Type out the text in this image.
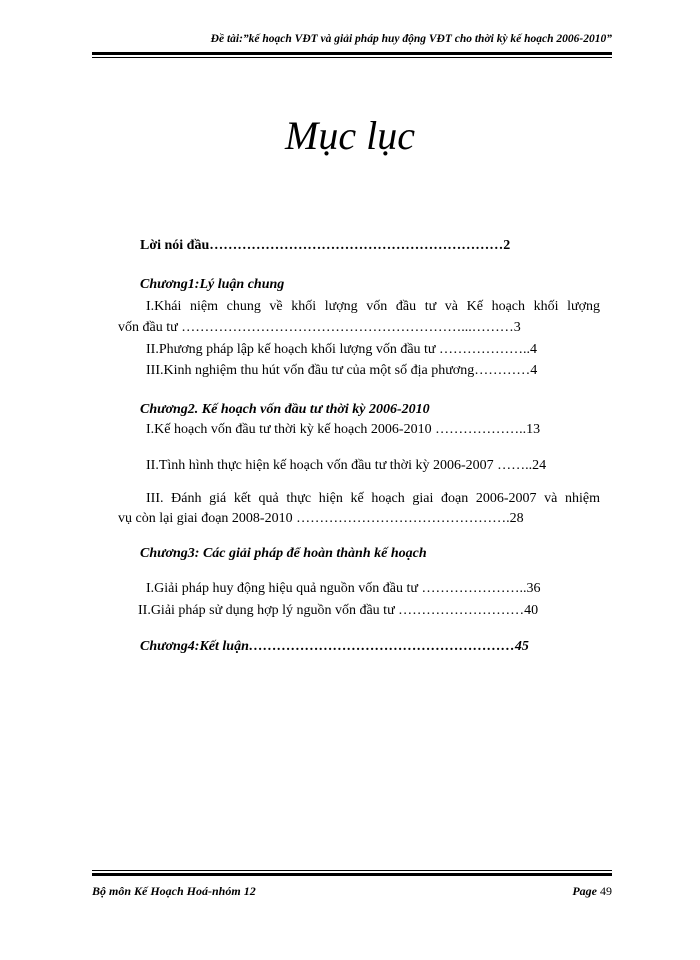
Đề tài:”kế hoạch VĐT và giải pháp huy động VĐT cho thời kỳ kế hoạch 2006-2010”
Mục lục
Lời nói đầu………………………………………………………2
Chương1:Lý luận chung
I.Khái niệm chung về khối lượng vốn đầu tư và Kế hoạch khối lượng
vốn đầu tư ……………………………………………………...………3
II.Phương pháp lập kế hoạch khối lượng vốn đầu tư ………………..4
III.Kinh nghiệm thu hút vốn đầu tư của một số địa phương…………4
Chương2. Kế hoạch vốn đầu tư thời kỳ 2006-2010
I.Kế hoạch vốn đầu tư thời kỳ kế hoạch 2006-2010 ………………..13
II.Tình hình thực hiện kế hoạch vốn đầu tư thời kỳ 2006-2007 ……..24
III. Đánh giá kết quả thực hiện kế hoạch giai đoạn 2006-2007 và nhiệm
vụ còn lại giai đoạn 2008-2010 ……………………………………….28
Chương3: Các giải pháp để hoàn thành kế hoạch
I.Giải pháp huy động hiệu quả nguồn vốn đầu tư …………………..36
II.Giải pháp sử dụng hợp lý nguồn vốn đầu tư ………………………40
Chương4:Kết luận…………………………………………………45
Bộ môn Kế Hoạch Hoá-nhóm 12	Page 49
